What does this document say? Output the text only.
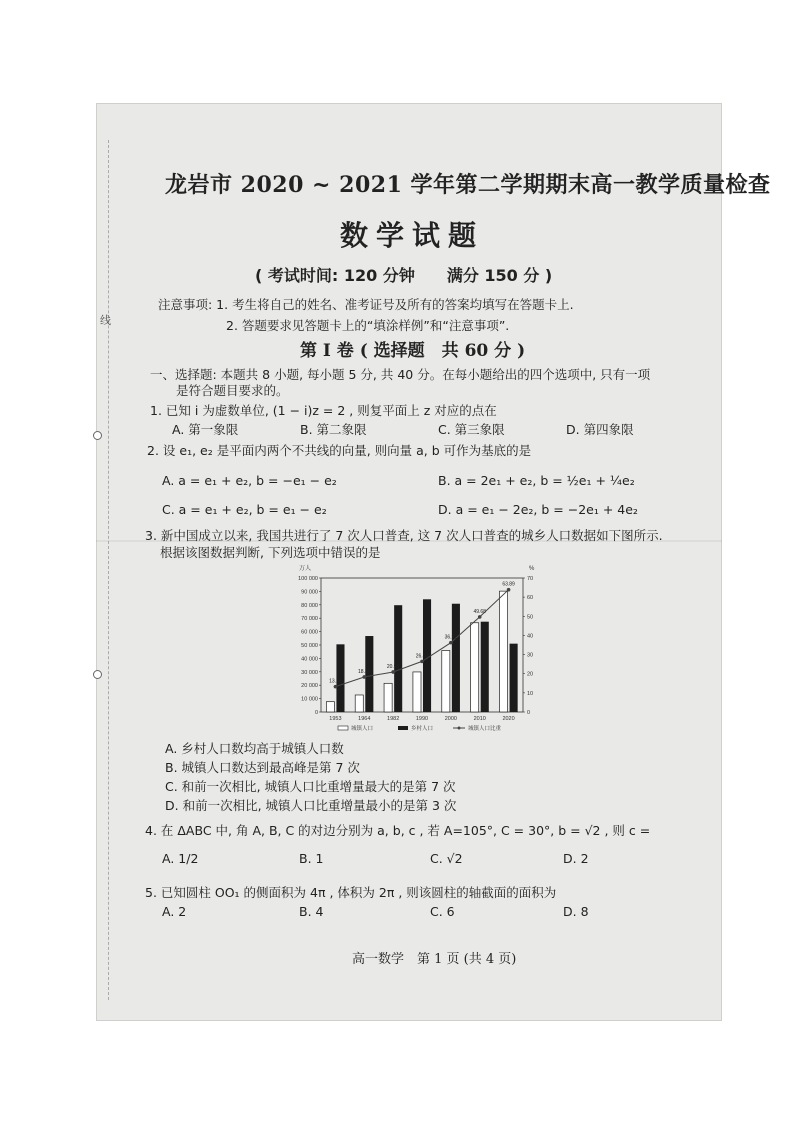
线
龙岩市 2020 ~ 2021 学年第二学期期末高一教学质量检查
数学试题
( 考试时间: 120 分钟　　满分 150 分 )
注意事项: 1. 考生将自己的姓名、准考证号及所有的答案均填写在答题卡上.
2. 答题要求见答题卡上的“填涂样例”和“注意事项”.
第 I 卷 ( 选择题　共 60 分 )
一、选择题: 本题共 8 小题, 每小题 5 分, 共 40 分。在每小题给出的四个选项中, 只有一项
是符合题目要求的。
1. 已知 i 为虚数单位, (1 − i)z = 2 , 则复平面上 z 对应的点在
A. 第一象限	B. 第二象限	C. 第三象限	D. 第四象限
2. 设 e₁, e₂ 是平面内两个不共线的向量, 则向量 a, b 可作为基底的是
A. a = e₁ + e₂, b = −e₁ − e₂	B. a = 2e₁ + e₂, b = ½e₁ + ¼e₂
C. a = e₁ + e₂, b = e₁ − e₂	D. a = e₁ − 2e₂, b = −2e₁ + 4e₂
3. 新中国成立以来, 我国共进行了 7 次人口普查, 这 7 次人口普查的城乡人口数据如下图所示.
根据该图数据判断, 下列选项中错误的是
万人	%
0
10 000
20 000
30 000
40 000
50 000
60 000
70 000
80 000
90 000
100 000
0
10
20
30
40
50
60
70
1953	1964	1982	1990	2000	2010	2020
13.26
18.30
20.91
26.44
36.22
49.68
63.89
城镇人口	乡村人口	城镇人口比重
A. 乡村人口数均高于城镇人口数
B. 城镇人口数达到最高峰是第 7 次
C. 和前一次相比, 城镇人口比重增量最大的是第 7 次
D. 和前一次相比, 城镇人口比重增量最小的是第 3 次
4. 在 ΔABC 中, 角 A, B, C 的对边分别为 a, b, c , 若 A=105°, C = 30°, b = √2 , 则 c =
A. 1/2	B. 1	C. √2	D. 2
5. 已知圆柱 OO₁ 的侧面积为 4π , 体积为 2π , 则该圆柱的轴截面的面积为
A. 2	B. 4	C. 6	D. 8
高一数学　第 1 页 (共 4 页)
